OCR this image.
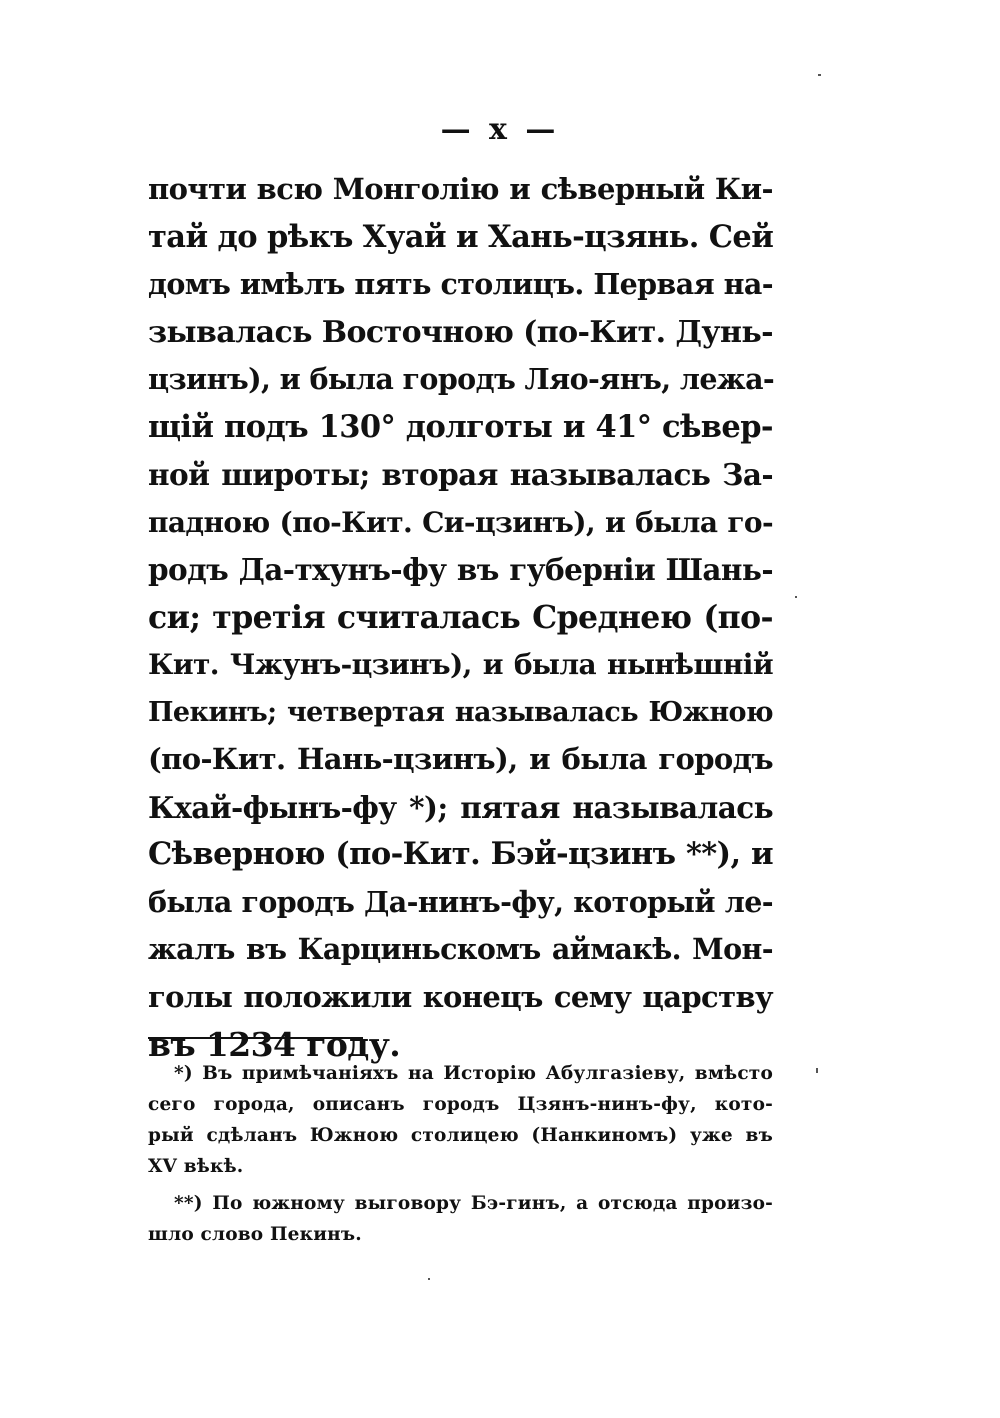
— x —
почти всю Монголію и сѣверный Ки-
тай до рѣкъ Хуай и Хань-цзянь. Сей
домъ имѣлъ пять столицъ. Первая на-
зывалась Восточною (по-Кит. Дунь-
цзинъ), и была городъ Ляо-янъ, лежа-
щій подъ 130° долготы и 41° сѣвер-
ной широты; вторая называлась За-
падною (по-Кит. Си-цзинъ), и была го-
родъ Да-тхунъ-фу въ губерніи Шань-
си; третія считалась Среднею (по-
Кит. Чжунъ-цзинъ), и была нынѣшній
Пекинъ; четвертая называлась Южною
(по-Кит. Нань-цзинъ), и была городъ
Кхай-фынъ-фу *); пятая называлась
Сѣверною (по-Кит. Бэй-цзинъ **), и
была городъ Да-нинъ-фу, который ле-
жалъ въ Карциньскомъ аймакѣ. Мон-
голы положили конецъ сему царству
въ 1234 году.
*) Въ примѣчаніяхъ на Исторію Абулгазіеву, вмѣсто
сего города, описанъ городъ Цзянъ-нинъ-фу, кото-
рый сдѣланъ Южною столицею (Нанкиномъ) уже въ
XV вѣкѣ.
**) По южному выговору Бэ-гинъ, а отсюда произо-
шло слово Пекинъ.
